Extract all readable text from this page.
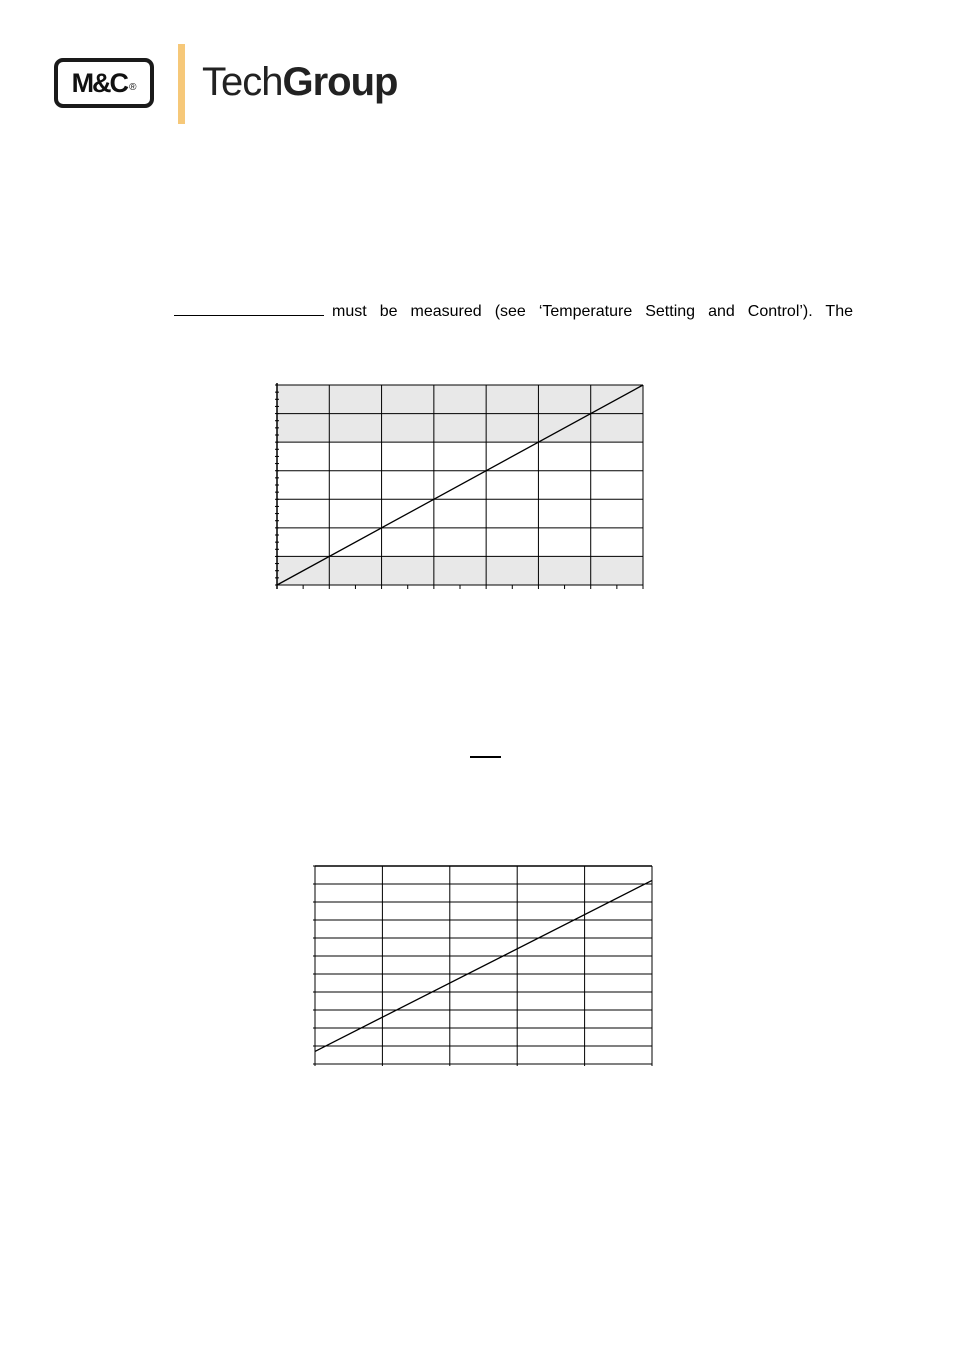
M&C ® TechGroup
must be measured (see ‘Temperature Setting and Control’). The
